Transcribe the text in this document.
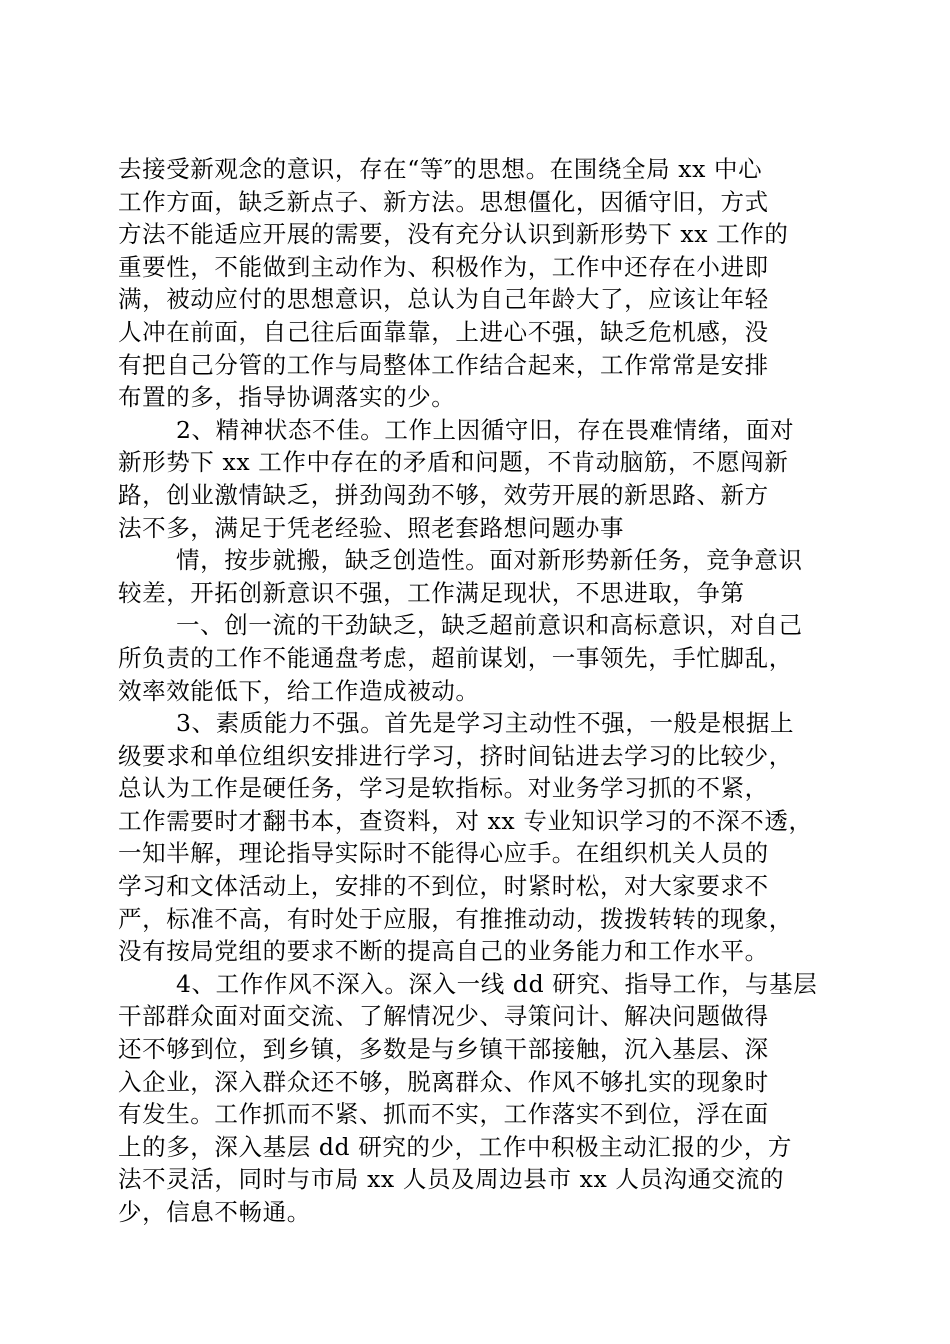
去接受新观念的意识，存在“等″的思想。在围绕全局 xx 中心
工作方面，缺乏新点子、新方法。思想僵化，因循守旧，方式
方法不能适应开展的需要，没有充分认识到新形势下 xx 工作的
重要性，不能做到主动作为、积极作为，工作中还存在小进即
满，被动应付的思想意识，总认为自己年龄大了，应该让年轻
人冲在前面，自己往后面靠靠，上进心不强，缺乏危机感，没
有把自己分管的工作与局整体工作结合起来，工作常常是安排
布置的多，指导协调落实的少。
2、精神状态不佳。工作上因循守旧，存在畏难情绪，面对
新形势下 xx 工作中存在的矛盾和问题，不肯动脑筋，不愿闯新
路，创业激情缺乏，拼劲闯劲不够，效劳开展的新思路、新方
法不多，满足于凭老经验、照老套路想问题办事
情，按步就搬，缺乏创造性。面对新形势新任务，竞争意识
较差，开拓创新意识不强，工作满足现状，不思进取，争第
一、创一流的干劲缺乏，缺乏超前意识和高标意识，对自己
所负责的工作不能通盘考虑，超前谋划，一事领先，手忙脚乱，
效率效能低下，给工作造成被动。
3、素质能力不强。首先是学习主动性不强，一般是根据上
级要求和单位组织安排进行学习，挤时间钻进去学习的比较少，
总认为工作是硬任务，学习是软指标。对业务学习抓的不紧，
工作需要时才翻书本，查资料，对 xx 专业知识学习的不深不透，
一知半解，理论指导实际时不能得心应手。在组织机关人员的
学习和文体活动上，安排的不到位，时紧时松，对大家要求不
严，标准不高，有时处于应服，有推推动动，拨拨转转的现象，
没有按局党组的要求不断的提高自己的业务能力和工作水平。
4、工作作风不深入。深入一线 dd 研究、指导工作，与基层
干部群众面对面交流、了解情况少、寻策问计、解决问题做得
还不够到位，到乡镇，多数是与乡镇干部接触，沉入基层、深
入企业，深入群众还不够，脱离群众、作风不够扎实的现象时
有发生。工作抓而不紧、抓而不实，工作落实不到位，浮在面
上的多，深入基层 dd 研究的少，工作中积极主动汇报的少，方
法不灵活，同时与市局 xx 人员及周边县市 xx 人员沟通交流的
少，信息不畅通。
